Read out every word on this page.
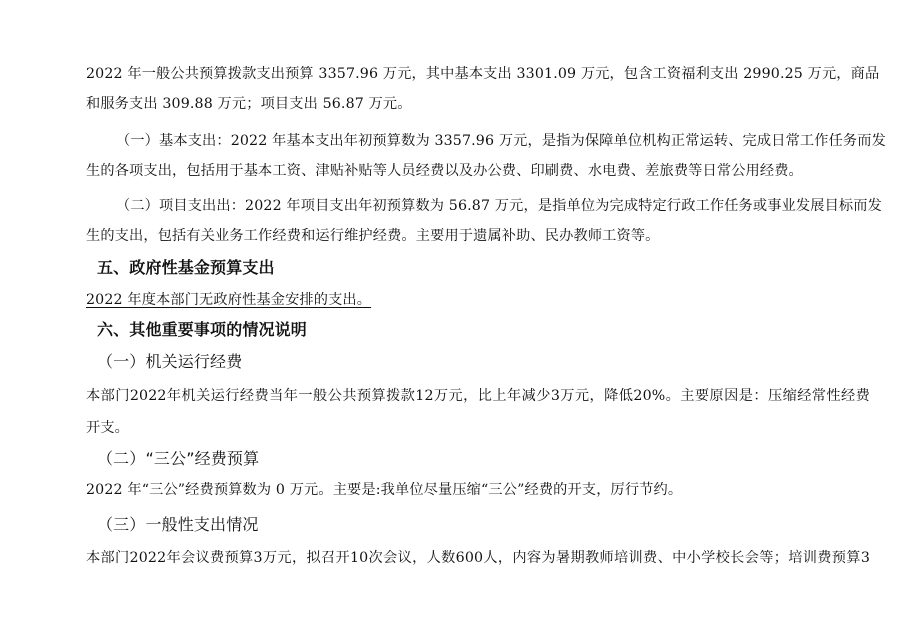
2022 年一般公共预算拨款支出预算 3357.96 万元，其中基本支出 3301.09 万元，包含工资福利支出 2990.25 万元，商品
和服务支出 309.88 万元；项目支出 56.87 万元。
（一）基本支出：2022 年基本支出年初预算数为 3357.96 万元，是指为保障单位机构正常运转、完成日常工作任务而发
生的各项支出，包括用于基本工资、津贴补贴等人员经费以及办公费、印刷费、水电费、差旅费等日常公用经费。
（二）项目支出出：2022 年项目支出年初预算数为 56.87 万元，是指单位为完成特定行政工作任务或事业发展目标而发
生的支出，包括有关业务工作经费和运行维护经费。主要用于遗属补助、民办教师工资等。
五、政府性基金预算支出
2022 年度本部门无政府性基金安排的支出。
六、其他重要事项的情况说明
（一）机关运行经费
本部门2022年机关运行经费当年一般公共预算拨款12万元，比上年减少3万元，降低20%。主要原因是：压缩经常性经费
开支。
（二）“三公”经费预算
2022 年“三公”经费预算数为 0 万元。主要是:我单位尽量压缩“三公”经费的开支，厉行节约。
（三）一般性支出情况
本部门2022年会议费预算3万元，拟召开10次会议，人数600人，内容为暑期教师培训费、中小学校长会等；培训费预算3
